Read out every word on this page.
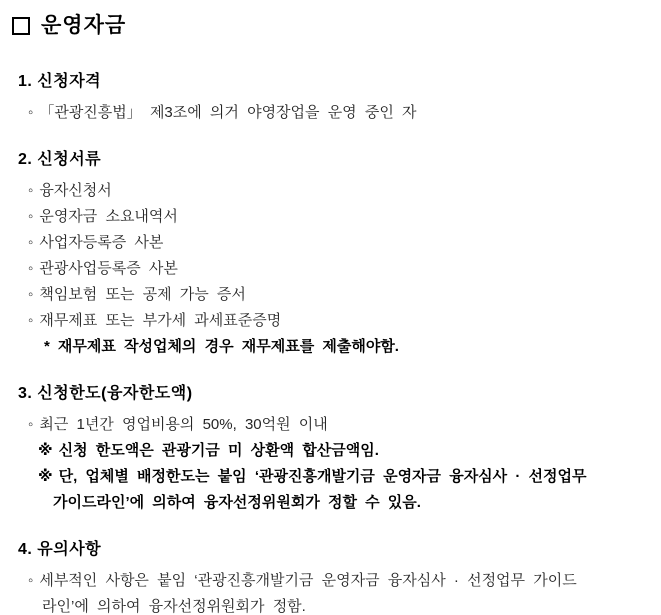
운영자금
1. 신청자격
◦ 「관광진흥법」 제3조에 의거 야영장업을 운영 중인 자
2. 신청서류
◦ 융자신청서
◦ 운영자금 소요내역서
◦ 사업자등록증 사본
◦ 관광사업등록증 사본
◦ 책임보험 또는 공제 가능 증서
◦ 재무제표 또는 부가세 과세표준증명
* 재무제표 작성업체의 경우 재무제표를 제출해야함.
3. 신청한도(융자한도액)
◦ 최근 1년간 영업비용의 50%, 30억원 이내
※ 신청 한도액은 관광기금 미 상환액 합산금액임.
※ 단, 업체별 배정한도는 붙임 ‘관광진흥개발기금 운영자금 융자심사 · 선정업무
가이드라인’에 의하여 융자선정위원회가 정할 수 있음.
4. 유의사항
◦ 세부적인 사항은 붙임 ‘관광진흥개발기금 운영자금 융자심사 · 선정업무 가이드
라인’에 의하여 융자선정위원회가 정함.
